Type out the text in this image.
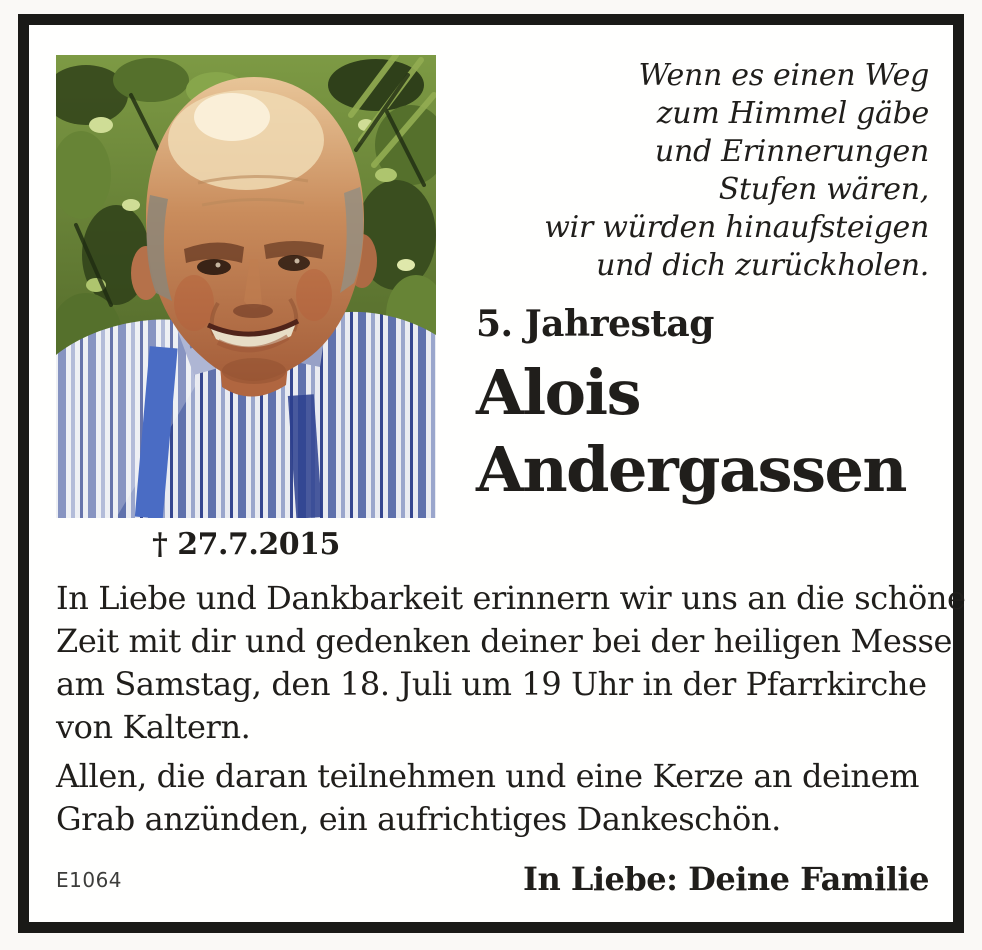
† 27.7.2015
Wenn es einen Weg
zum Himmel gäbe
und Erinnerungen
Stufen wären,
wir würden hinaufsteigen
und dich zurückholen.
5. Jahrestag
Alois
Andergassen
In Liebe und Dankbarkeit erinnern wir uns an die schöne
Zeit mit dir und gedenken deiner bei der heiligen Messe
am Samstag, den 18. Juli um 19 Uhr in der Pfarrkirche
von Kaltern.
Allen, die daran teilnehmen und eine Kerze an deinem
Grab anzünden, ein aufrichtiges Dankeschön.
E1064	In Liebe: Deine Familie
